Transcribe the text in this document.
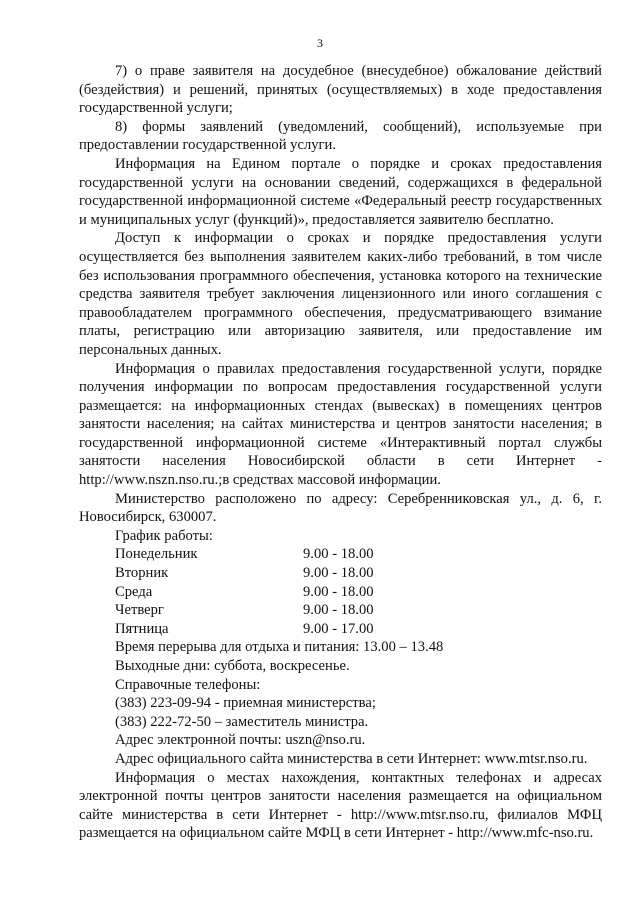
3

7) о праве заявителя на досудебное (внесудебное) обжалование действий (бездействия) и решений, принятых (осуществляемых) в ходе предоставления государственной услуги;

8) формы заявлений (уведомлений, сообщений), используемые при предоставлении государственной услуги.

Информация на Едином портале о порядке и сроках предоставления государственной услуги на основании сведений, содержащихся в федеральной государственной информационной системе «Федеральный реестр государственных и муниципальных услуг (функций)», предоставляется заявителю бесплатно.

Доступ к информации о сроках и порядке предоставления услуги осуществляется без выполнения заявителем каких-либо требований, в том числе без использования программного обеспечения, установка которого на технические средства заявителя требует заключения лицензионного или иного соглашения с правообладателем программного обеспечения, предусматривающего взимание платы, регистрацию или авторизацию заявителя, или предоставление им персональных данных.

Информация о правилах предоставления государственной услуги, порядке получения информации по вопросам предоставления государственной услуги размещается: на информационных стендах (вывесках) в помещениях центров занятости населения; на сайтах министерства и центров занятости населения; в государственной информационной системе «Интерактивный портал службы занятости населения Новосибирской области в сети Интернет - http://www.nszn.nso.ru.;в средствах массовой информации.

Министерство расположено по адресу: Серебренниковская ул., д. 6, г. Новосибирск, 630007.

График работы:

Понедельник	9.00 - 18.00
Вторник	9.00 - 18.00
Среда	9.00 - 18.00
Четверг	9.00 - 18.00
Пятница	9.00 - 17.00

Время перерыва для отдыха и питания: 13.00 – 13.48

Выходные дни: суббота, воскресенье.

Справочные телефоны:

(383) 223-09-94 - приемная министерства;

(383) 222-72-50 – заместитель министра.

Адрес электронной почты: uszn@nso.ru.

Адрес официального сайта министерства в сети Интернет: www.mtsr.nso.ru.

Информация о местах нахождения, контактных телефонах и адресах электронной почты центров занятости населения размещается на официальном сайте министерства в сети Интернет - http://www.mtsr.nso.ru, филиалов МФЦ размещается на официальном сайте МФЦ в сети Интернет - http://www.mfc-nso.ru.
